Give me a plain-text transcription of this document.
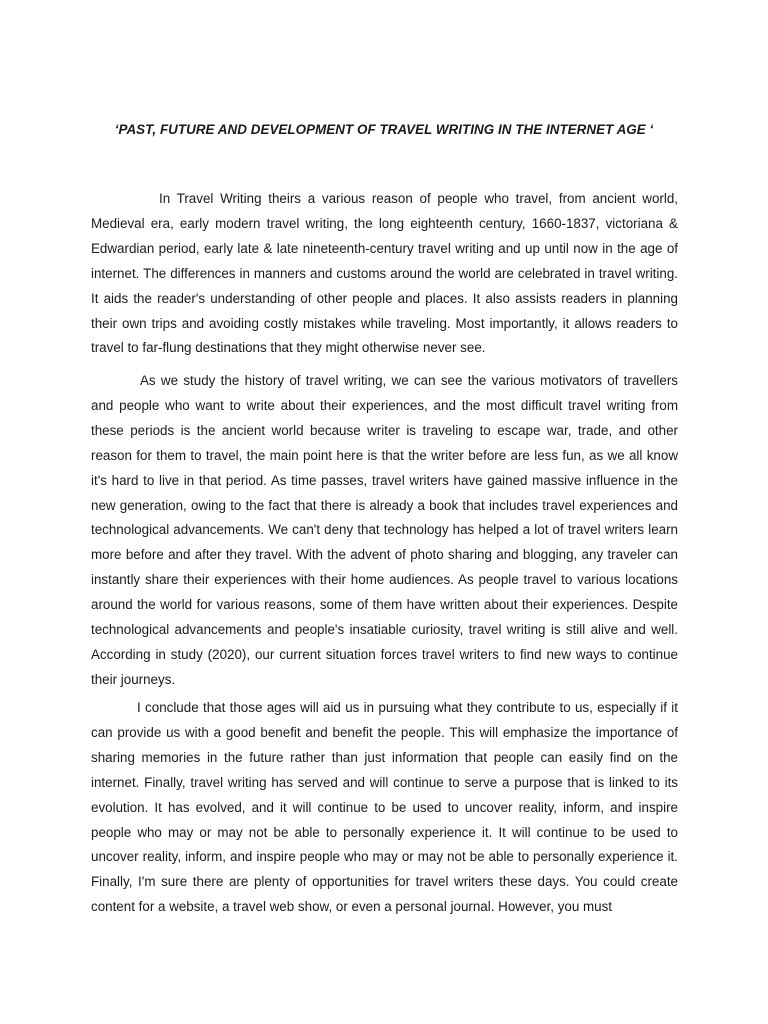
‘PAST, FUTURE AND DEVELOPMENT OF TRAVEL WRITING IN THE INTERNET AGE ‘

In Travel Writing theirs a various reason of people who travel, from ancient world, Medieval era, early modern travel writing, the long eighteenth century, 1660-1837, victoriana & Edwardian period, early late & late nineteenth-century travel writing and up until now in the age of internet. The differences in manners and customs around the world are celebrated in travel writing. It aids the reader's understanding of other people and places. It also assists readers in planning their own trips and avoiding costly mistakes while traveling. Most importantly, it allows readers to travel to far-flung destinations that they might otherwise never see.

As we study the history of travel writing, we can see the various motivators of travellers and people who want to write about their experiences, and the most difficult travel writing from these periods is the ancient world because writer is traveling to escape war, trade, and other reason for them to travel, the main point here is that the writer before are less fun, as we all know it's hard to live in that period. As time passes, travel writers have gained massive influence in the new generation, owing to the fact that there is already a book that includes travel experiences and technological advancements. We can't deny that technology has helped a lot of travel writers learn more before and after they travel. With the advent of photo sharing and blogging, any traveler can instantly share their experiences with their home audiences. As people travel to various locations around the world for various reasons, some of them have written about their experiences. Despite technological advancements and people's insatiable curiosity, travel writing is still alive and well. According in study (2020), our current situation forces travel writers to find new ways to continue their journeys.

I conclude that those ages will aid us in pursuing what they contribute to us, especially if it can provide us with a good benefit and benefit the people. This will emphasize the importance of sharing memories in the future rather than just information that people can easily find on the internet. Finally, travel writing has served and will continue to serve a purpose that is linked to its evolution. It has evolved, and it will continue to be used to uncover reality, inform, and inspire people who may or may not be able to personally experience it. It will continue to be used to uncover reality, inform, and inspire people who may or may not be able to personally experience it. Finally, I'm sure there are plenty of opportunities for travel writers these days. You could create content for a website, a travel web show, or even a personal journal. However, you must
